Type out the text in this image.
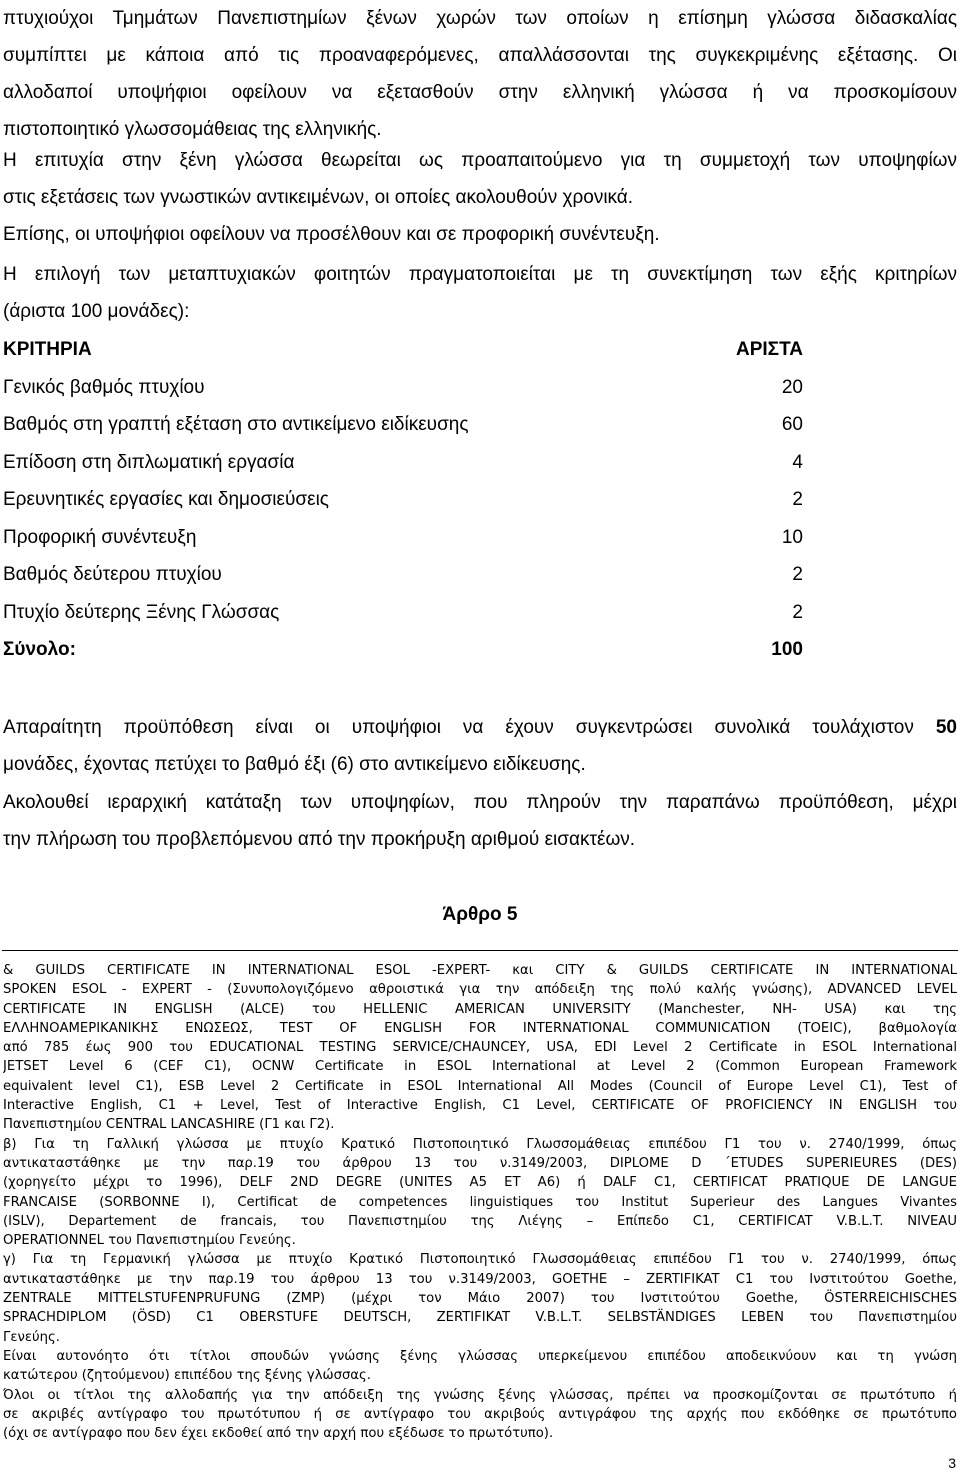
πτυχιούχοι Τμημάτων Πανεπιστημίων ξένων χωρών των οποίων η επίσημη γλώσσα διδασκαλίας
συμπίπτει με κάποια από τις προαναφερόμενες, απαλλάσσονται της συγκεκριμένης εξέτασης. Οι
αλλοδαποί υποψήφιοι οφείλουν να εξετασθούν στην ελληνική γλώσσα ή να προσκομίσουν
πιστοποιητικό γλωσσομάθειας της ελληνικής.
Η επιτυχία στην ξένη γλώσσα θεωρείται ως προαπαιτούμενο για τη συμμετοχή των υποψηφίων
στις εξετάσεις των γνωστικών αντικειμένων, οι οποίες ακολουθούν χρονικά.
Επίσης, οι υποψήφιοι οφείλουν να προσέλθουν και σε προφορική συνέντευξη.
Η επιλογή των μεταπτυχιακών φοιτητών πραγματοποιείται με τη συνεκτίμηση των εξής κριτηρίων
(άριστα 100 μονάδες):
ΚΡΙΤΗΡΙΑ	ΑΡΙΣΤΑ
Γενικός βαθμός πτυχίου	20
Βαθμός στη γραπτή εξέταση στο αντικείμενο ειδίκευσης	60
Επίδοση στη διπλωματική εργασία	4
Ερευνητικές εργασίες και δημοσιεύσεις	2
Προφορική συνέντευξη	10
Βαθμός δεύτερου πτυχίου	2
Πτυχίο δεύτερης Ξένης Γλώσσας	2
Σύνολο:	100
Απαραίτητη προϋπόθεση είναι οι υποψήφιοι να έχουν συγκεντρώσει συνολικά τουλάχιστον 50
μονάδες, έχοντας πετύχει το βαθμό έξι (6) στο αντικείμενο ειδίκευσης.
Ακολουθεί ιεραρχική κατάταξη των υποψηφίων, που πληρούν την παραπάνω προϋπόθεση, μέχρι
την πλήρωση του προβλεπόμενου από την προκήρυξη αριθμού εισακτέων.
Άρθρο 5
& GUILDS CERTIFICATE IN INTERNATIONAL ESOL -EXPERT- και CITY & GUILDS CERTIFICATE IN INTERNATIONAL
SPOKEN ESOL - EXPERT - (Συνυπολογιζόμενο αθροιστικά για την απόδειξη της πολύ καλής γνώσης), ADVANCED LEVEL
CERTIFICATE IN ENGLISH (ALCE) του HELLENIC AMERICAN UNIVERSITY (Manchester, NH- USA) και της
ΕΛΛΗΝΟΑΜΕΡΙΚΑΝΙΚΗΣ ΕΝΩΣΕΩΣ, TEST OF ENGLISH FOR INTERNATIONAL COMMUNICATION (TOEIC), βαθμολογία
από 785 έως 900 του EDUCATIONAL TESTING SERVICE/CHAUNCEY, USA, EDI Level 2 Certificate in ESOL International
JETSET Level 6 (CEF C1), OCNW Certificate in ESOL International at Level 2 (Common European Framework
equivalent level C1), ESB Level 2 Certificate in ESOL International All Modes (Council of Europe Level C1), Test of
Interactive English, C1 + Level, Test of Interactive English, C1 Level, CERTIFICATE OF PROFICIENCY IN ENGLISH του
Πανεπιστημίου CENTRAL LANCASHIRE (Γ1 και Γ2).
β) Για τη Γαλλική γλώσσα με πτυχίο Κρατικό Πιστοποιητικό Γλωσσομάθειας επιπέδου Γ1 του ν. 2740/1999, όπως
αντικαταστάθηκε με την παρ.19 του άρθρου 13 του ν.3149/2003, DIPLOME D ΄ETUDES SUPERIEURES (DES)
(χορηγείτο μέχρι το 1996), DELF 2ND DEGRE (UNITES A5 ET A6) ή DALF C1, CERTIFICAT PRATIQUE DE LANGUE
FRANCAISE (SORBONNE I), Certificat de competences linguistiques του Institut Superieur des Langues Vivantes
(ISLV), Departement de francais, του Πανεπιστημίου της Λιέγης – Επίπεδο C1, CERTIFICAT V.B.L.T. NIVEAU
OPERATIONNEL του Πανεπιστημίου Γενεύης.
γ) Για τη Γερμανική γλώσσα με πτυχίο Κρατικό Πιστοποιητικό Γλωσσομάθειας επιπέδου Γ1 του ν. 2740/1999, όπως
αντικαταστάθηκε με την παρ.19 του άρθρου 13 του ν.3149/2003, GOETHE – ZERTIFIKAT C1 του Ινστιτούτου Goethe,
ZENTRALE MITTELSTUFENPRUFUNG (ZMP) (μέχρι τον Μάιο 2007) του Ινστιτούτου Goethe, ÖSTERREICHISCHES
SPRACHDIPLOM (ÖSD) C1 OBERSTUFE DEUTSCH, ZERTIFIKAT V.B.L.T. SELBSTÄNDIGES LEBEN του Πανεπιστημίου
Γενεύης.
Είναι αυτονόητο ότι τίτλοι σπουδών γνώσης ξένης γλώσσας υπερκείμενου επιπέδου αποδεικνύουν και τη γνώση
κατώτερου (ζητούμενου) επιπέδου της ξένης γλώσσας.
Όλοι οι τίτλοι της αλλοδαπής για την απόδειξη της γνώσης ξένης γλώσσας, πρέπει να προσκομίζονται σε πρωτότυπο ή
σε ακριβές αντίγραφο του πρωτότυπου ή σε αντίγραφο του ακριβούς αντιγράφου της αρχής που εκδόθηκε σε πρωτότυπο
(όχι σε αντίγραφο που δεν έχει εκδοθεί από την αρχή που εξέδωσε το πρωτότυπο).
3
